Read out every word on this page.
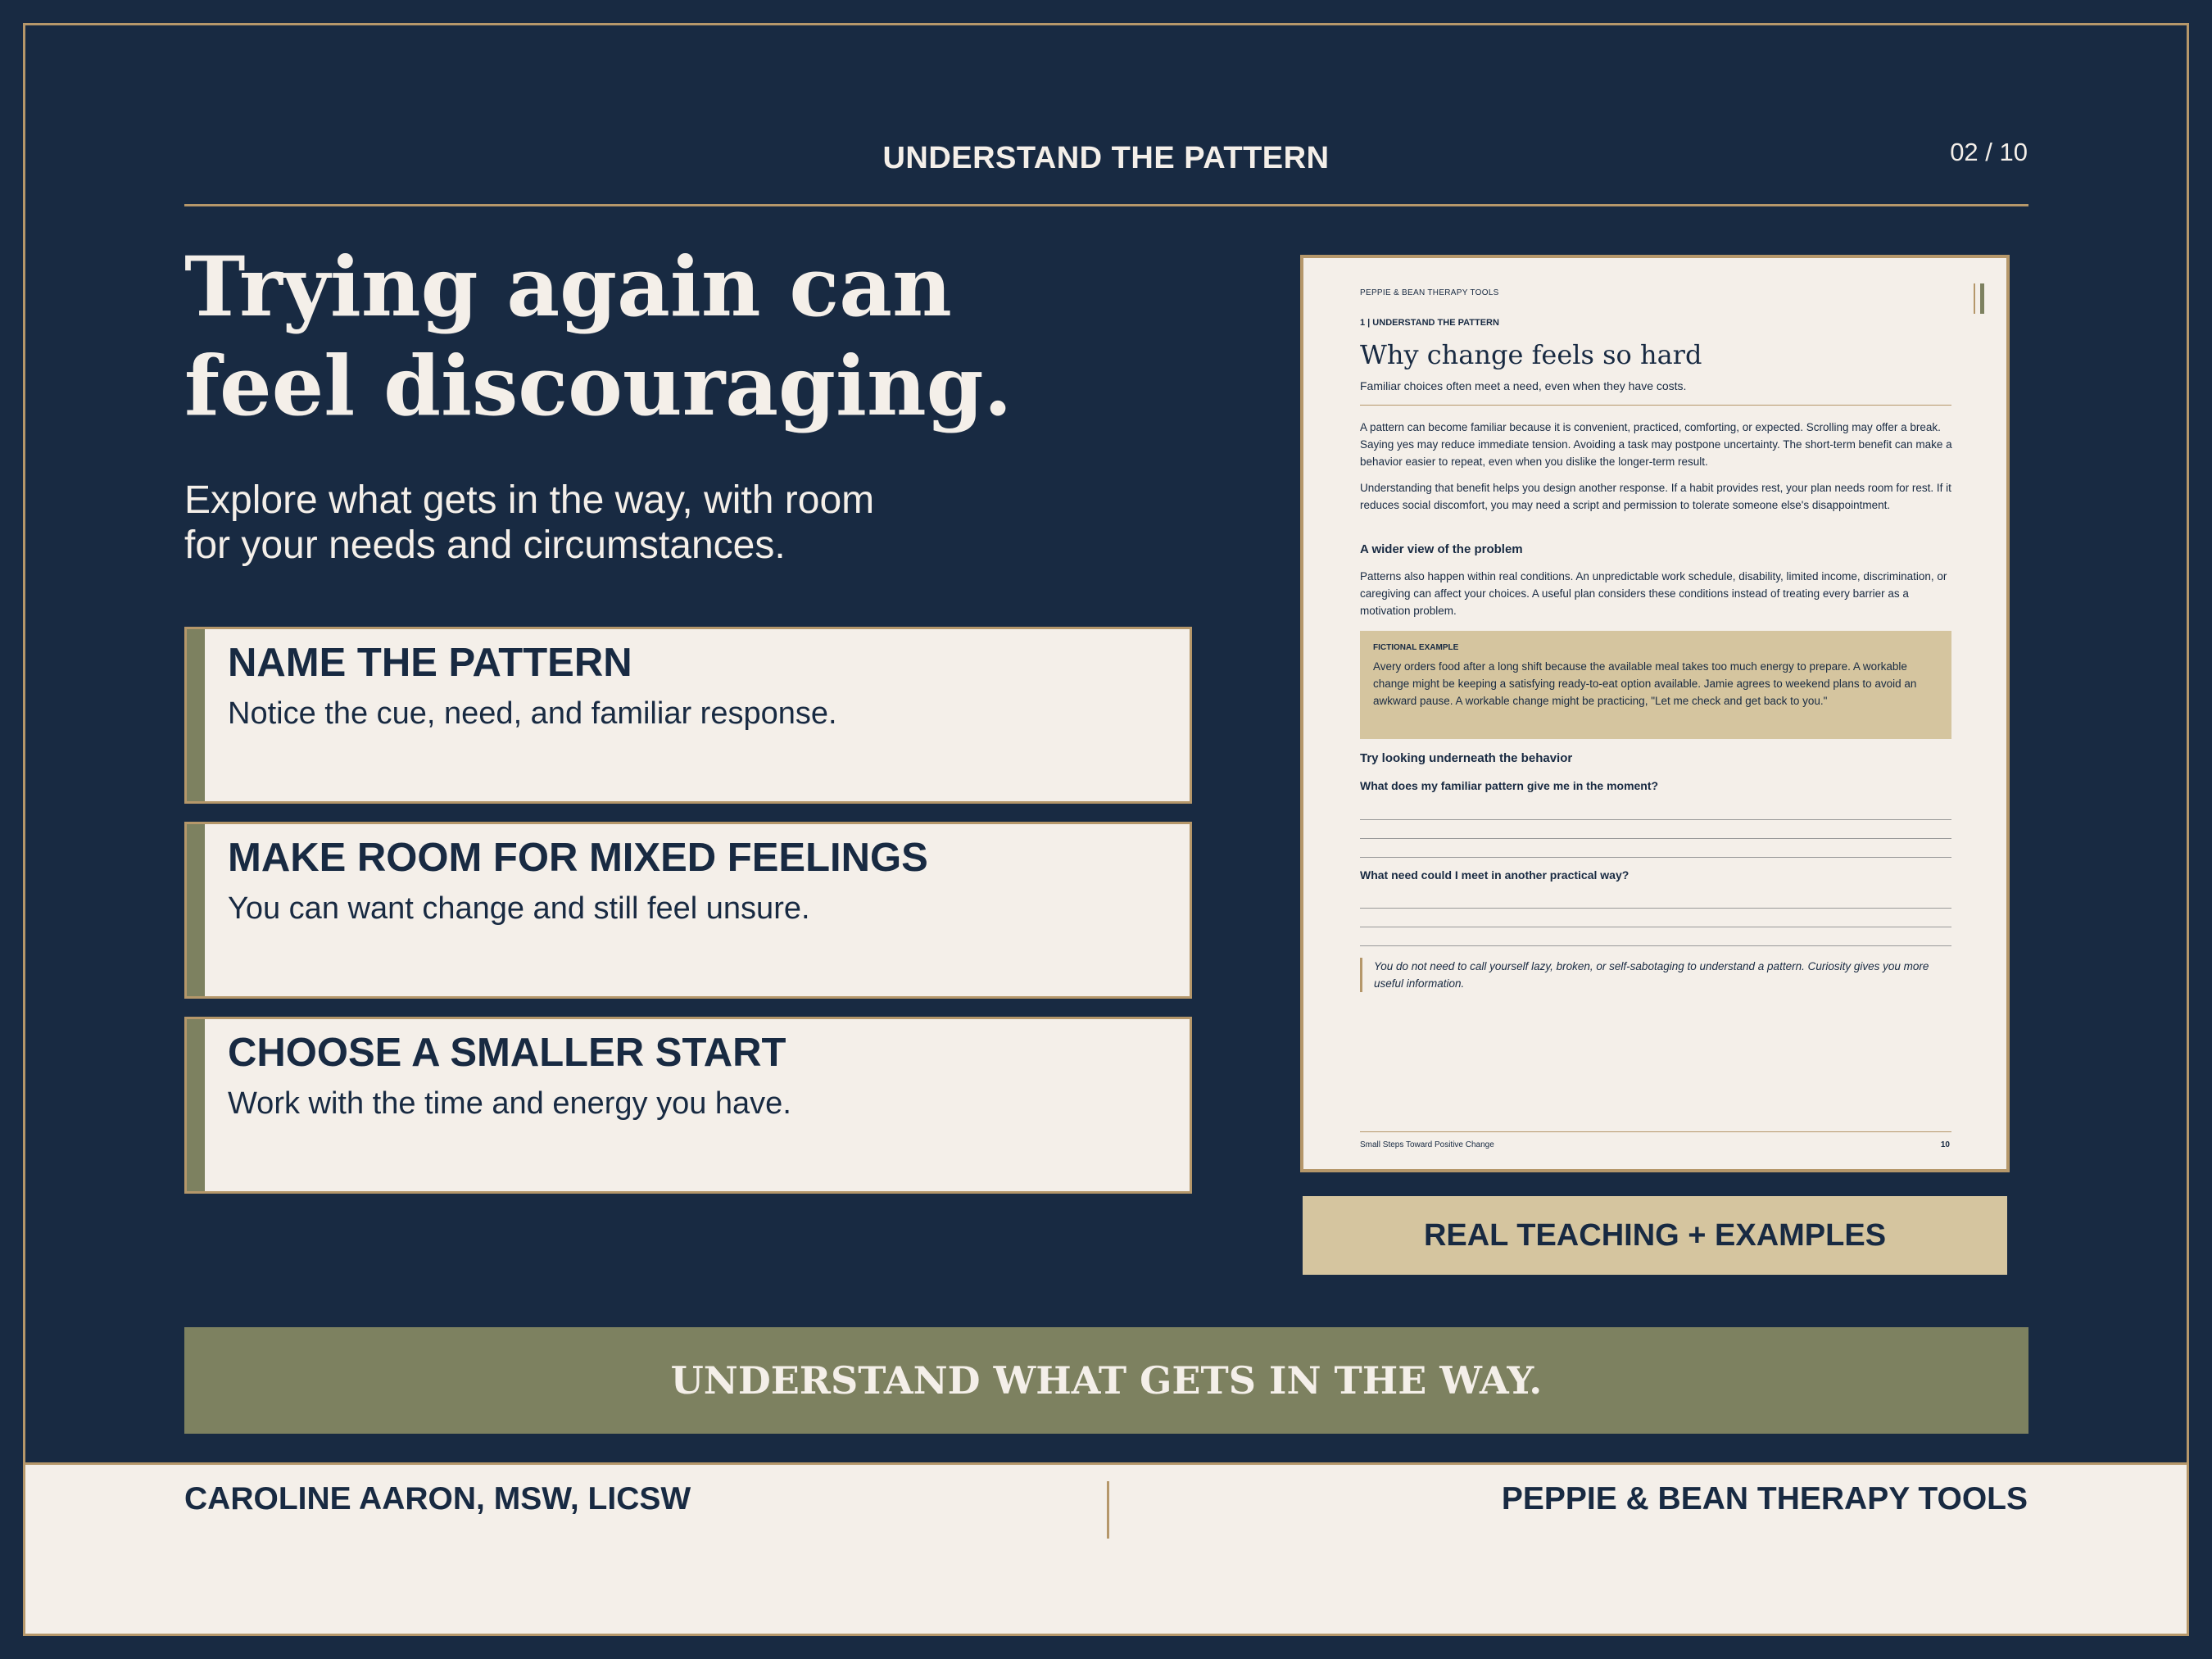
UNDERSTAND THE PATTERN	02 / 10
Trying again can
feel discouraging.
Explore what gets in the way, with room
for your needs and circumstances.
NAME THE PATTERN
Notice the cue, need, and familiar response.
MAKE ROOM FOR MIXED FEELINGS
You can want change and still feel unsure.
CHOOSE A SMALLER START
Work with the time and energy you have.
PEPPIE & BEAN THERAPY TOOLS
1 | UNDERSTAND THE PATTERN
Why change feels so hard
Familiar choices often meet a need, even when they have costs.
A pattern can become familiar because it is convenient, practiced, comforting, or expected. Scrolling may offer a break. Saying yes may reduce immediate tension. Avoiding a task may postpone uncertainty. The short-term benefit can make a behavior easier to repeat, even when you dislike the longer-term result.
Understanding that benefit helps you design another response. If a habit provides rest, your plan needs room for rest. If it reduces social discomfort, you may need a script and permission to tolerate someone else's disappointment.
A wider view of the problem
Patterns also happen within real conditions. An unpredictable work schedule, disability, limited income, discrimination, or caregiving can affect your choices. A useful plan considers these conditions instead of treating every barrier as a motivation problem.
FICTIONAL EXAMPLE
Avery orders food after a long shift because the available meal takes too much energy to prepare. A workable change might be keeping a satisfying ready-to-eat option available. Jamie agrees to weekend plans to avoid an awkward pause. A workable change might be practicing, "Let me check and get back to you."
Try looking underneath the behavior
What does my familiar pattern give me in the moment?
What need could I meet in another practical way?
You do not need to call yourself lazy, broken, or self-sabotaging to understand a pattern. Curiosity gives you more useful information.
Small Steps Toward Positive Change	10
REAL TEACHING + EXAMPLES
UNDERSTAND WHAT GETS IN THE WAY.
CAROLINE AARON, MSW, LICSW	PEPPIE & BEAN THERAPY TOOLS
